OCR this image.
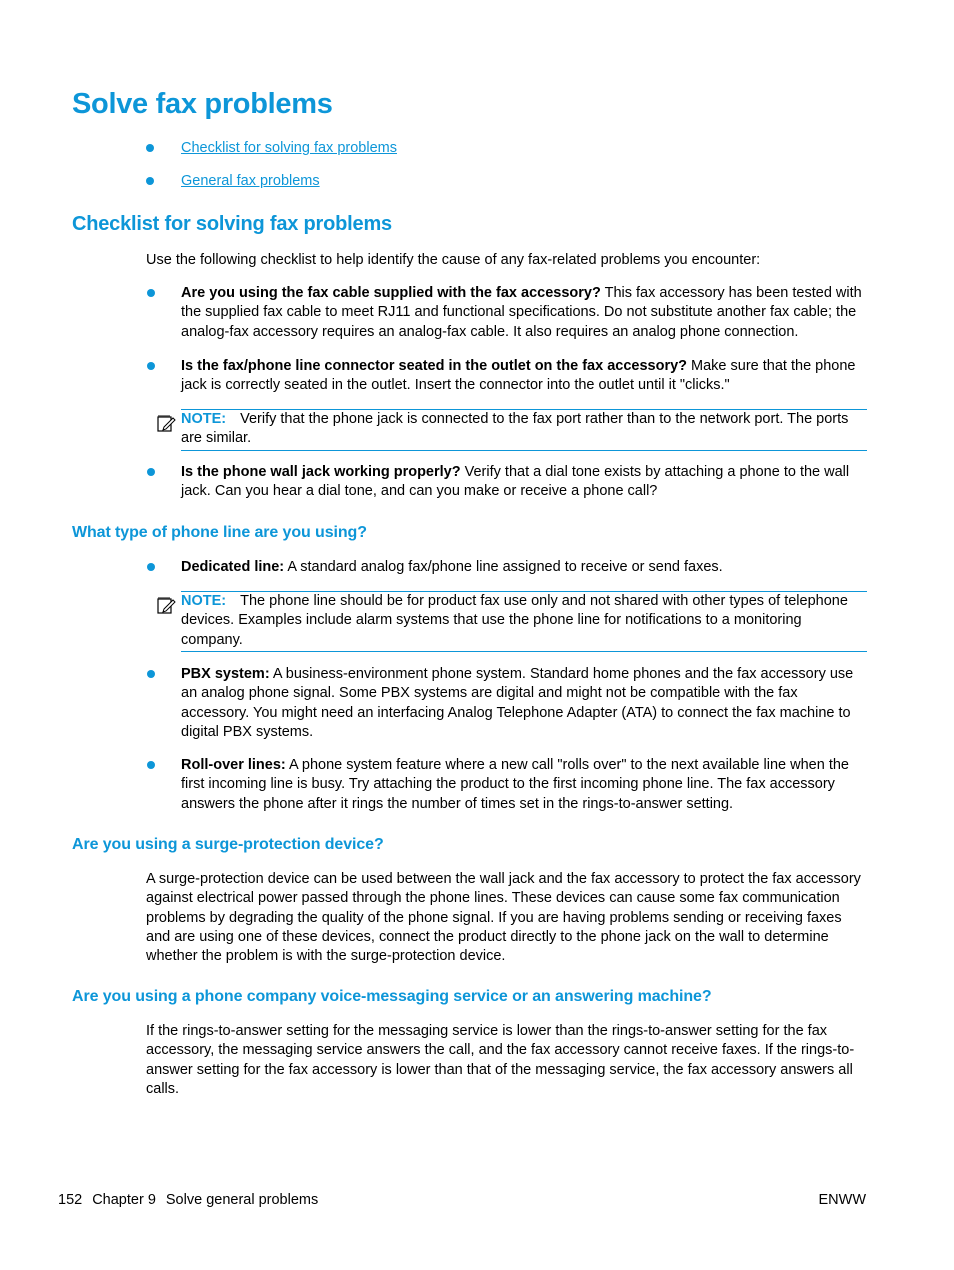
Solve fax problems
Checklist for solving fax problems
General fax problems
Checklist for solving fax problems

Use the following checklist to help identify the cause of any fax-related problems you encounter:

Are you using the fax cable supplied with the fax accessory? This fax accessory has been tested with the supplied fax cable to meet RJ11 and functional specifications. Do not substitute another fax cable; the analog-fax accessory requires an analog-fax cable. It also requires an analog phone connection.
Is the fax/phone line connector seated in the outlet on the fax accessory? Make sure that the phone jack is correctly seated in the outlet. Insert the connector into the outlet until it "clicks."
NOTE: Verify that the phone jack is connected to the fax port rather than to the network port. The ports are similar.
Is the phone wall jack working properly? Verify that a dial tone exists by attaching a phone to the wall jack. Can you hear a dial tone, and can you make or receive a phone call?
What type of phone line are you using?
Dedicated line: A standard analog fax/phone line assigned to receive or send faxes.
NOTE: The phone line should be for product fax use only and not shared with other types of telephone devices. Examples include alarm systems that use the phone line for notifications to a monitoring company.
PBX system: A business-environment phone system. Standard home phones and the fax accessory use an analog phone signal. Some PBX systems are digital and might not be compatible with the fax accessory. You might need an interfacing Analog Telephone Adapter (ATA) to connect the fax machine to digital PBX systems.
Roll-over lines: A phone system feature where a new call "rolls over" to the next available line when the first incoming line is busy. Try attaching the product to the first incoming phone line. The fax accessory answers the phone after it rings the number of times set in the rings-to-answer setting.
Are you using a surge-protection device?

A surge-protection device can be used between the wall jack and the fax accessory to protect the fax accessory against electrical power passed through the phone lines. These devices can cause some fax communication problems by degrading the quality of the phone signal. If you are having problems sending or receiving faxes and are using one of these devices, connect the product directly to the phone jack on the wall to determine whether the problem is with the surge-protection device.

Are you using a phone company voice-messaging service or an answering machine?

If the rings-to-answer setting for the messaging service is lower than the rings-to-answer setting for the fax accessory, the messaging service answers the call, and the fax accessory cannot receive faxes. If the rings-to-answer setting for the fax accessory is lower than that of the messaging service, the fax accessory answers all calls.

152 Chapter 9 Solve general problems	ENWW
